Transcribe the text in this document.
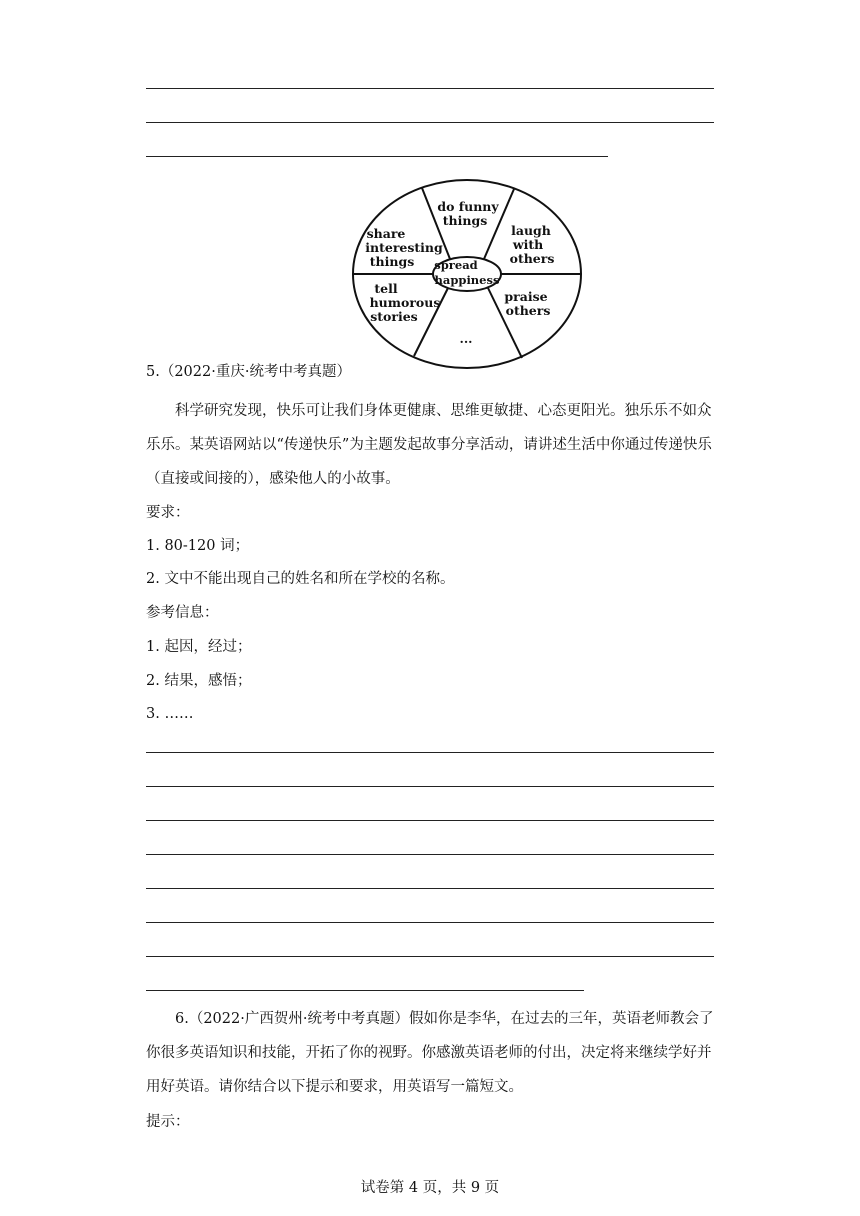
do funny
things
laugh
with
others
share
interesting
things spread
happiness
tell
humorous
stories
praise
others
...
5.（2022·重庆·统考中考真题）
科学研究发现，快乐可让我们身体更健康、思维更敏捷、心态更阳光。独乐乐不如众乐乐。某英语网站以“传递快乐”为主题发起故事分享活动，请讲述生活中你通过传递快乐（直接或间接的），感染他人的小故事。
要求：
1. 80-120 词；
2. 文中不能出现自己的姓名和所在学校的名称。
参考信息：
1. 起因，经过；
2. 结果，感悟；
3. ……
6.（2022·广西贺州·统考中考真题）假如你是李华，在过去的三年，英语老师教会了你很多英语知识和技能，开拓了你的视野。你感激英语老师的付出，决定将来继续学好并用好英语。请你结合以下提示和要求，用英语写一篇短文。
提示：
试卷第 4 页，共 9 页
